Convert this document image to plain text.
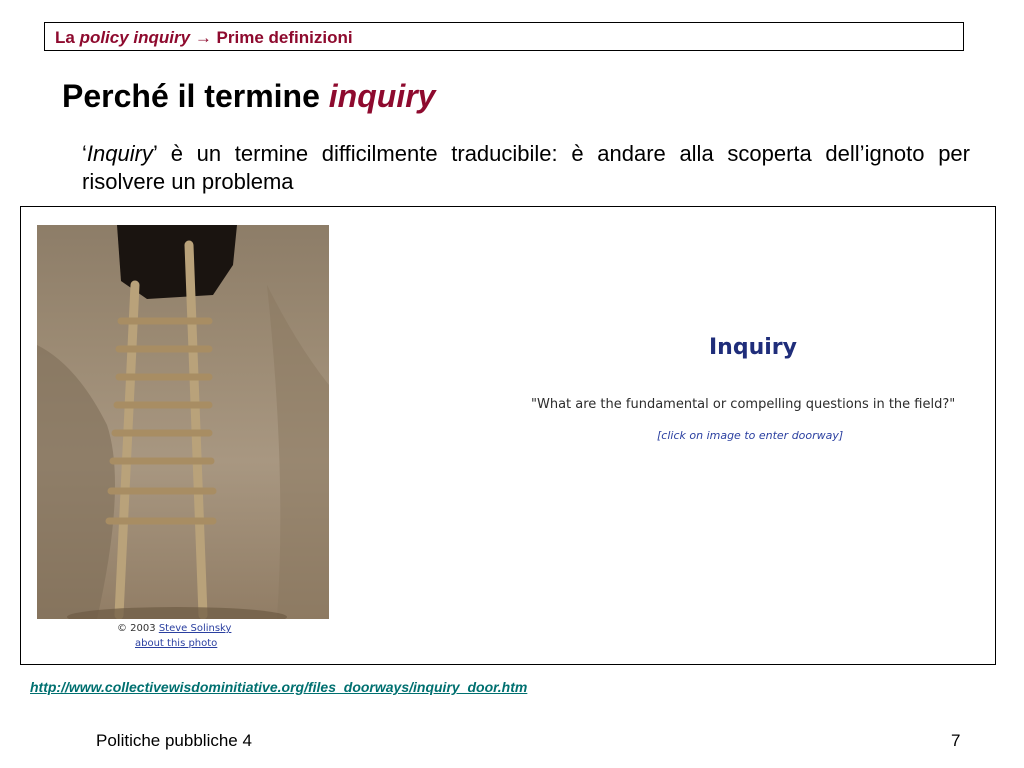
La policy inquiry → Prime definizioni
Perché il termine inquiry
‘Inquiry’ è un termine difficilmente traducibile: è andare alla scoperta dell’ignoto per risolvere un problema
© 2003 Steve Solinsky
about this photo
Inquiry
"What are the fundamental or compelling questions in the field?"
[click on image to enter doorway]
http://www.collectivewisdominitiative.org/files_doorways/inquiry_door.htm
Politiche pubbliche 4	7
